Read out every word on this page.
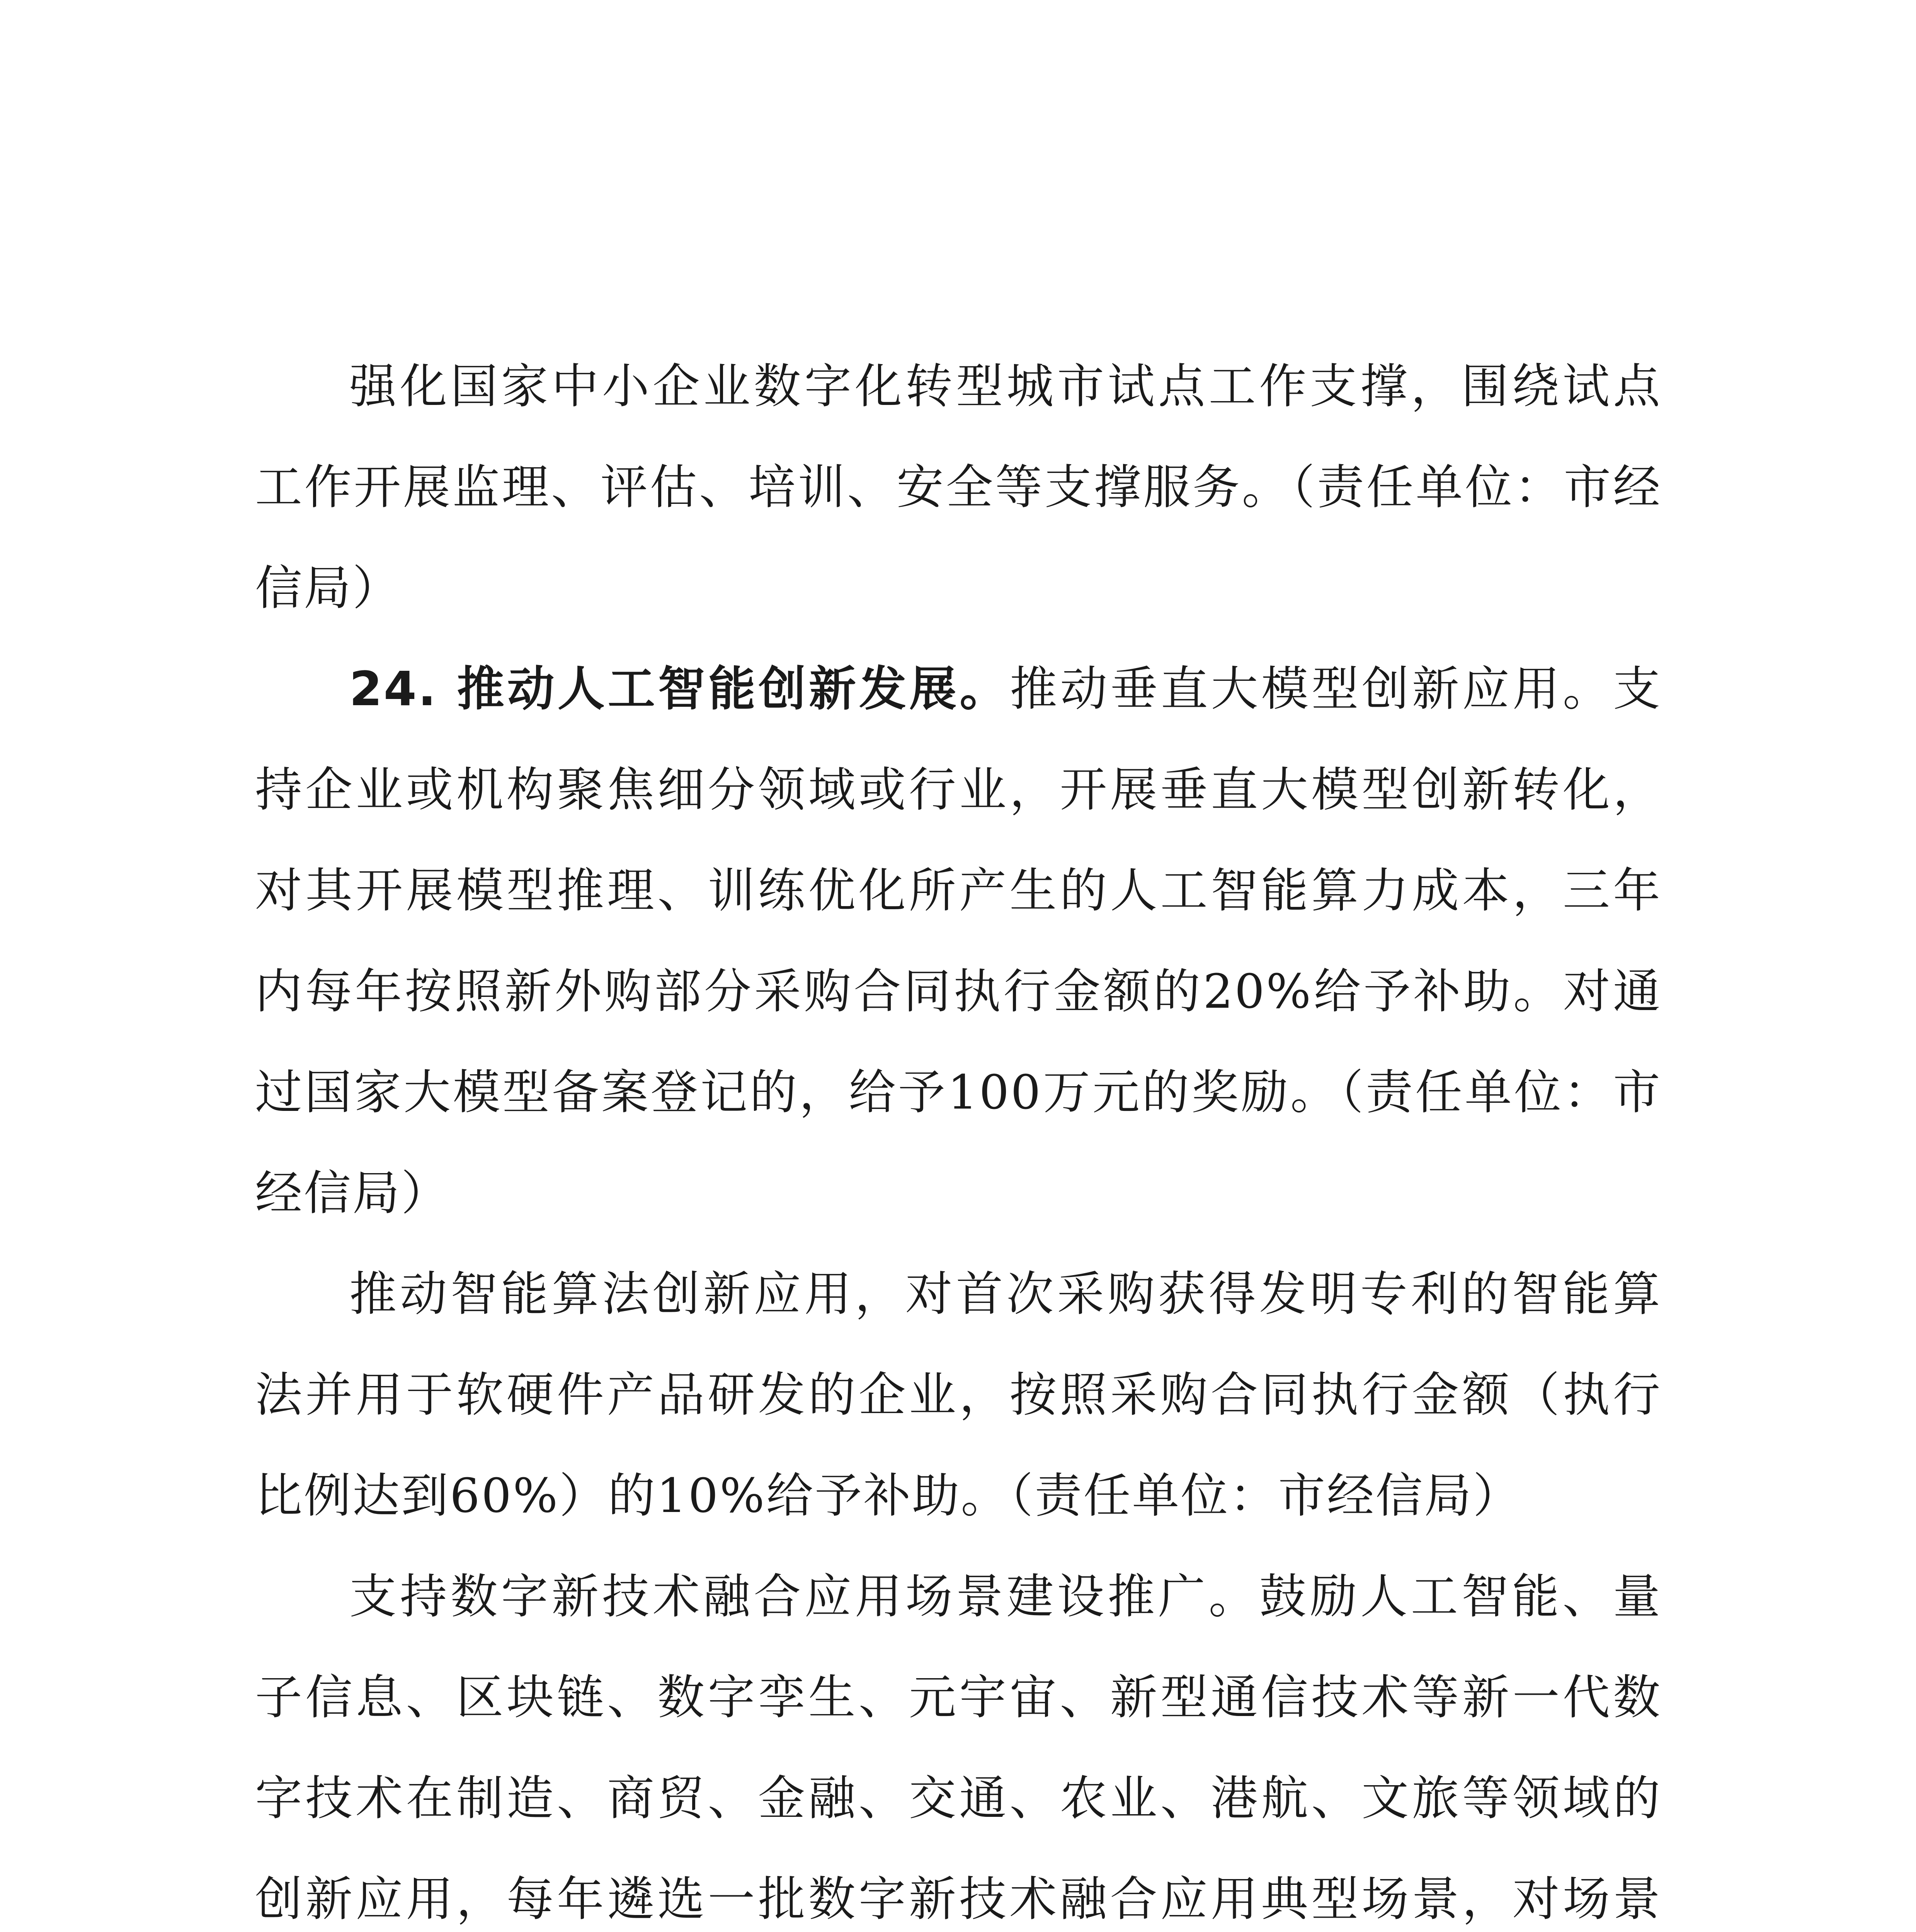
强化国家中小企业数字化转型城市试点工作支撑，围绕试点工作开展监理、评估、培训、安全等支撑服务。（责任单位：市经信局）

24. 推动人工智能创新发展。推动垂直大模型创新应用。支持企业或机构聚焦细分领域或行业，开展垂直大模型创新转化，对其开展模型推理、训练优化所产生的人工智能算力成本，三年内每年按照新外购部分采购合同执行金额的20%给予补助。对通过国家大模型备案登记的，给予100万元的奖励。（责任单位：市经信局）

推动智能算法创新应用，对首次采购获得发明专利的智能算法并用于软硬件产品研发的企业，按照采购合同执行金额（执行比例达到60%）的10%给予补助。（责任单位：市经信局）

支持数字新技术融合应用场景建设推广。鼓励人工智能、量子信息、区块链、数字孪生、元宇宙、新型通信技术等新一代数字技术在制造、商贸、金融、交通、农业、港航、文旅等领域的创新应用，每年遴选一批数字新技术融合应用典型场景，对场景
